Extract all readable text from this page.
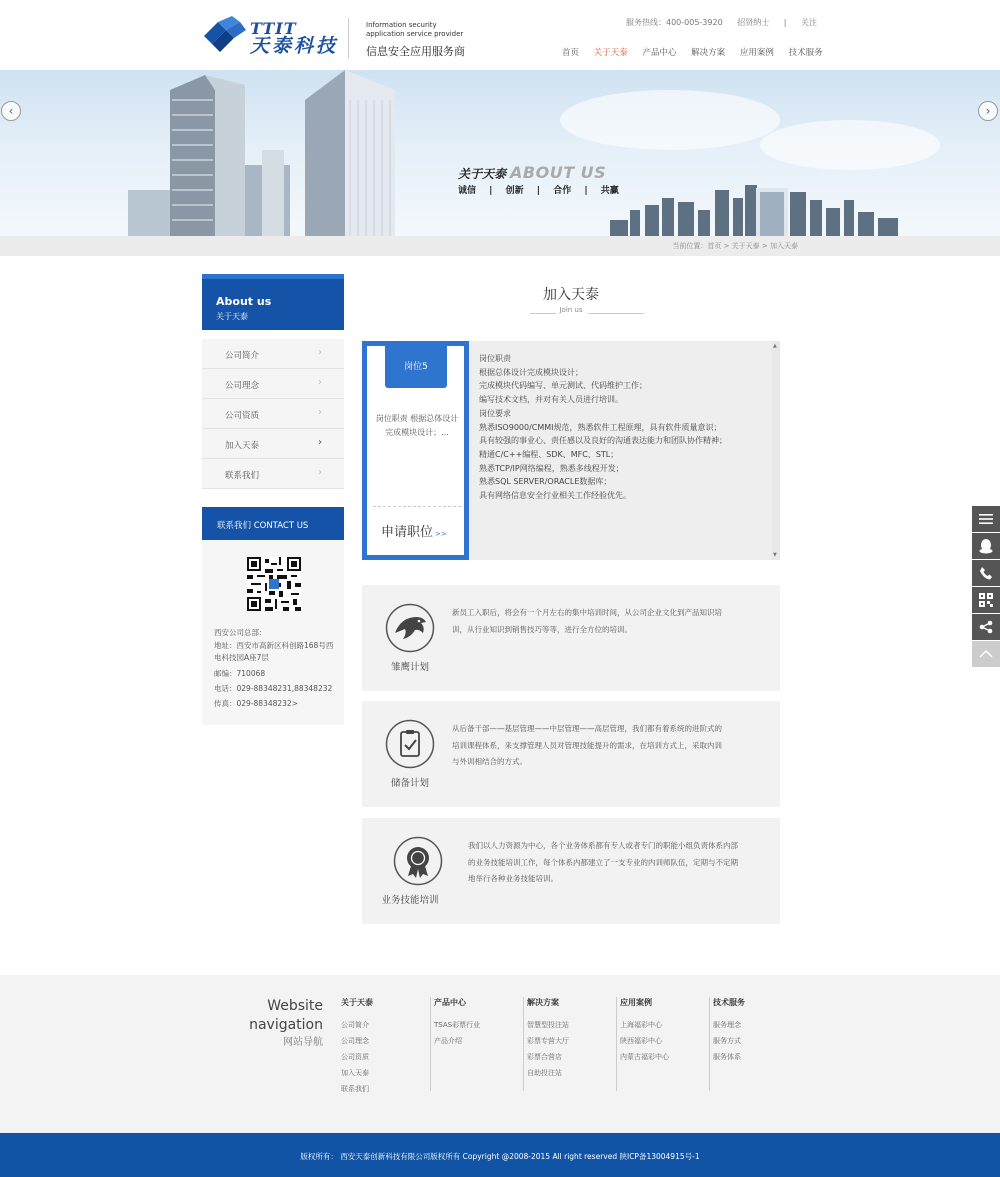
TTIT
天泰科技
Information security application service provider
信息安全应用服务商
服务热线：400-005-3920 招贤纳士 | 关注
首页 关于天泰 产品中心 解决方案 应用案例 技术服务
‹	›
关于天泰 ABOUT US
诚信 | 创新 | 合作 | 共赢
当前位置：首页 > 关于天泰 > 加入天泰
About us
关于天泰
公司简介	›
公司理念	›
公司资质	›
加入天泰	›
联系我们	›
联系我们 CONTACT US
西安公司总部：
地址：西安市高新区科创路168号西电科技园A座7层
邮编：710068
电话：029-88348231,88348232
传真：029-88348232>
加入天泰
Join us
岗位5
岗位职责 根据总体设计完成模块设计；...
申请职位 >>
岗位职责
根据总体设计完成模块设计；
完成模块代码编写、单元测试、代码维护工作；
编写技术文档，并对有关人员进行培训。
岗位要求
熟悉ISO9000/CMMI规范，熟悉软件工程原理，具有软件质量意识；
具有较强的事业心、责任感以及良好的沟通表达能力和团队协作精神；
精通C/C++编程、SDK、MFC、STL；
熟悉TCP/IP网络编程，熟悉多线程开发；
熟悉SQL SERVER/ORACLE数据库；
具有网络信息安全行业相关工作经验优先。
▲
▼
雏鹰计划
新员工入职后，将会有一个月左右的集中培训时间，从公司企业文化到产品知识培训，从行业知识到销售技巧等等，进行全方位的培训。
储备计划
从后备干部——基层管理——中层管理——高层管理，我们都有着系统的进阶式的培训课程体系，来支撑管理人员对管理技能提升的需求，在培训方式上，采取内训与外训相结合的方式。
业务技能培训
我们以人力资源为中心，各个业务体系都有专人或者专门的职能小组负责体系内部的业务技能培训工作，每个体系内都建立了一支专业的内训师队伍，定期与不定期地举行各种业务技能培训。
Website
navigation
网站导航
关于天泰
公司简介
公司理念
公司资质
加入天泰
联系我们
产品中心
TSAS彩票行业
产品介绍
解决方案
智慧型投注站
彩票专营大厅
彩票合营店
自助投注站
应用案例
上海福彩中心
陕西福彩中心
内蒙古福彩中心
技术服务
服务理念
服务方式
服务体系
版权所有： 西安天泰创新科技有限公司版权所有 Copyright @2008-2015 All right reserved 陕ICP备13004915号-1
